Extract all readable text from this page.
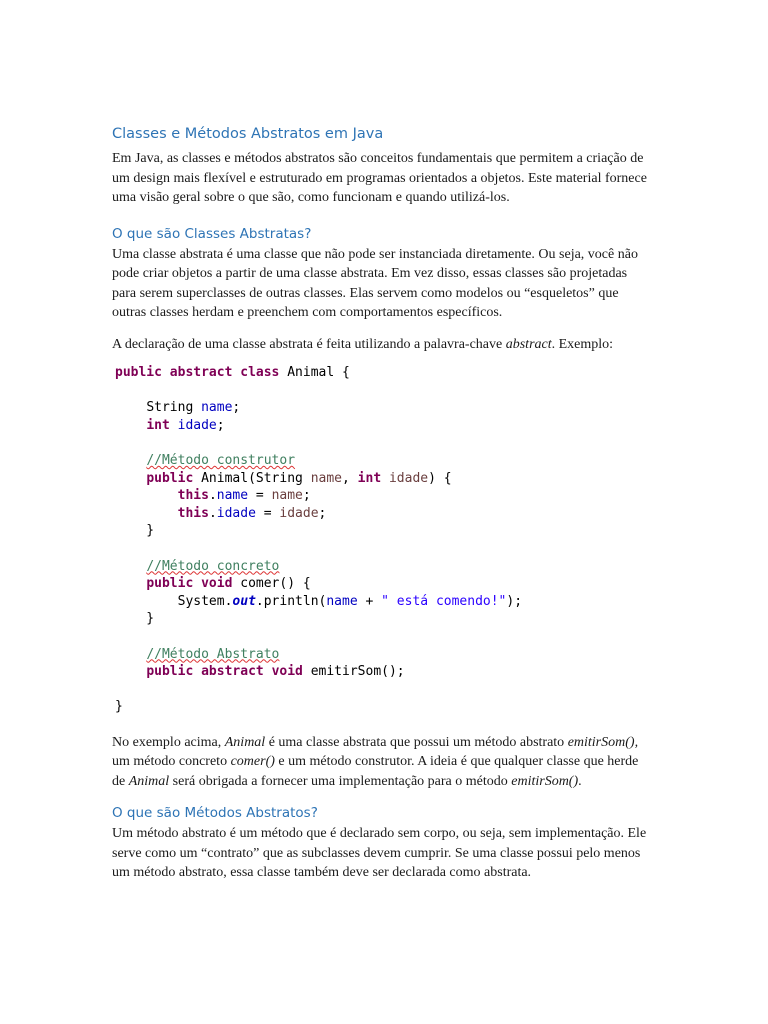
Classes e Métodos Abstratos em Java

Em Java, as classes e métodos abstratos são conceitos fundamentais que permitem a criação de um design mais flexível e estruturado em programas orientados a objetos. Este material fornece uma visão geral sobre o que são, como funcionam e quando utilizá-los.

O que são Classes Abstratas?

Uma classe abstrata é uma classe que não pode ser instanciada diretamente. Ou seja, você não pode criar objetos a partir de uma classe abstrata. Em vez disso, essas classes são projetadas para serem superclasses de outras classes. Elas servem como modelos ou “esqueletos” que outras classes herdam e preenchem com comportamentos específicos.

A declaração de uma classe abstrata é feita utilizando a palavra-chave abstract. Exemplo:

public abstract class Animal {

String name;
int idade;

//Método construtor
public Animal(String name, int idade) {
this.name = name;
this.idade = idade;
}

//Método concreto
public void comer() {
System.out.println(name + " está comendo!");
}

//Método Abstrato
public abstract void emitirSom();

}

No exemplo acima, Animal é uma classe abstrata que possui um método abstrato emitirSom(), um método concreto comer() e um método construtor. A ideia é que qualquer classe que herde de Animal será obrigada a fornecer uma implementação para o método emitirSom().

O que são Métodos Abstratos?

Um método abstrato é um método que é declarado sem corpo, ou seja, sem implementação. Ele serve como um “contrato” que as subclasses devem cumprir. Se uma classe possui pelo menos um método abstrato, essa classe também deve ser declarada como abstrata.
